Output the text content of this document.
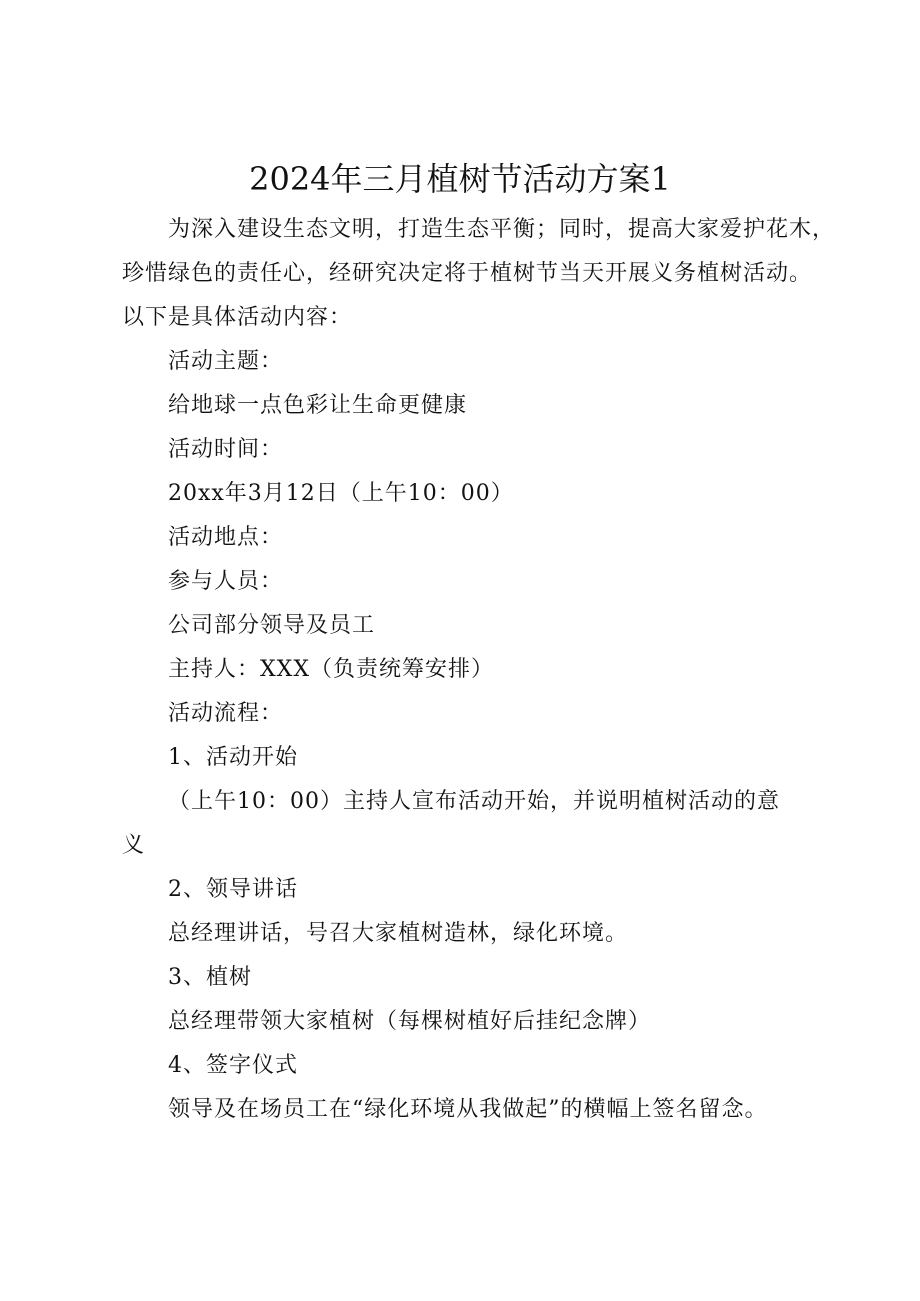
2024年三月植树节活动方案1
为深入建设生态文明，打造生态平衡；同时，提高大家爱护花木，
珍惜绿色的责任心，经研究决定将于植树节当天开展义务植树活动。
以下是具体活动内容：
活动主题：
给地球一点色彩让生命更健康
活动时间：
20xx年3月12日（上午10：00）
活动地点：
参与人员：
公司部分领导及员工
主持人：XXX（负责统筹安排）
活动流程：
1、活动开始
（上午10：00）主持人宣布活动开始，并说明植树活动的意
义
2、领导讲话
总经理讲话，号召大家植树造林，绿化环境。
3、植树
总经理带领大家植树（每棵树植好后挂纪念牌）
4、签字仪式
领导及在场员工在“绿化环境从我做起”的横幅上签名留念。
